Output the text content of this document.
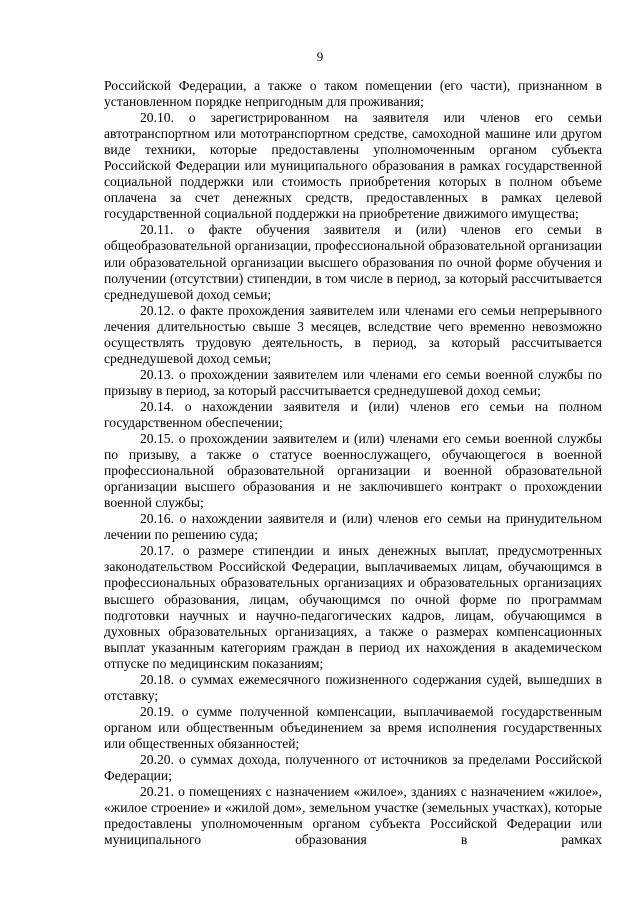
9

Российской Федерации, а также о таком помещении (его части), признанном в установленном порядке непригодным для проживания;

20.10. о зарегистрированном на заявителя или членов его семьи автотранспортном или мототранспортном средстве, самоходной машине или другом виде техники, которые предоставлены уполномоченным органом субъекта Российской Федерации или муниципального образования в рамках государственной социальной поддержки или стоимость приобретения которых в полном объеме оплачена за счет денежных средств, предоставленных в рамках целевой государственной социальной поддержки на приобретение движимого имущества;

20.11. о факте обучения заявителя и (или) членов его семьи в общеобразовательной организации, профессиональной образовательной организации или образовательной организации высшего образования по очной форме обучения и получении (отсутствии) стипендии, в том числе в период, за который рассчитывается среднедушевой доход семьи;

20.12. о факте прохождения заявителем или членами его семьи непрерывного лечения длительностью свыше 3 месяцев, вследствие чего временно невозможно осуществлять трудовую деятельность, в период, за который рассчитывается среднедушевой доход семьи;

20.13. о прохождении заявителем или членами его семьи военной службы по призыву в период, за который рассчитывается среднедушевой доход семьи;

20.14. о нахождении заявителя и (или) членов его семьи на полном государственном обеспечении;

20.15. о прохождении заявителем и (или) членами его семьи военной службы по призыву, а также о статусе военнослужащего, обучающегося в военной профессиональной образовательной организации и военной образовательной организации высшего образования и не заключившего контракт о прохождении военной службы;

20.16. о нахождении заявителя и (или) членов его семьи на принудительном лечении по решению суда;

20.17. о размере стипендии и иных денежных выплат, предусмотренных законодательством Российской Федерации, выплачиваемых лицам, обучающимся в профессиональных образовательных организациях и образовательных организациях высшего образования, лицам, обучающимся по очной форме по программам подготовки научных и научно-педагогических кадров, лицам, обучающимся в духовных образовательных организациях, а также о размерах компенсационных выплат указанным категориям граждан в период их нахождения в академическом отпуске по медицинским показаниям;

20.18. о суммах ежемесячного пожизненного содержания судей, вышедших в отставку;

20.19. о сумме полученной компенсации, выплачиваемой государственным органом или общественным объединением за время исполнения государственных или общественных обязанностей;

20.20. о суммах дохода, полученного от источников за пределами Российской Федерации;

20.21. о помещениях с назначением «жилое», зданиях с назначением «жилое», «жилое строение» и «жилой дом», земельном участке (земельных участках), которые предоставлены уполномоченным органом субъекта Российской Федерации или муниципального образования в рамках
